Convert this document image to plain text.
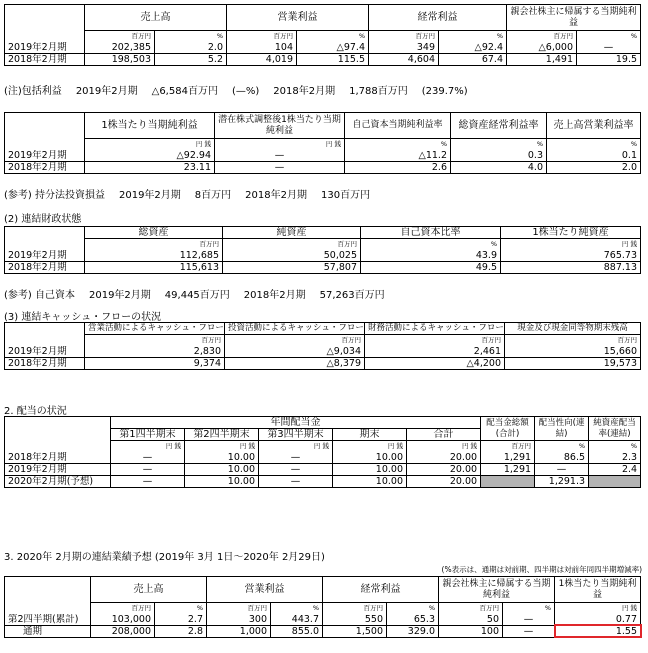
	売上高		営業利益		経常利益		親会社株主に帰属する当期純利益	
	百万円	%	百万円	%	百万円	%	百万円	%
2019年2月期	202,385	2.0	104	△97.4	349	△92.4	△6,000	—
2018年2月期	198,503	5.2	4,019	115.5	4,604	67.4	1,491	19.5
(注)包括利益 2019年2月期 △6,584百万円 (—%) 2018年2月期 1,788百万円 (239.7%)
	1株当たり当期純利益	潜在株式調整後1株当たり当期純利益	自己資本当期純利益率	総資産経常利益率	売上高営業利益率
	円 銭	円 銭	%	%	%
2019年2月期	△92.94	—	△11.2	0.3	0.1
2018年2月期	23.11	—	2.6	4.0	2.0
(参考) 持分法投資損益 2019年2月期 8百万円 2018年2月期 130百万円
(2) 連結財政状態
	総資産	純資産	自己資本比率	1株当たり純資産
	百万円	百万円	%	円 銭
2019年2月期	112,685	50,025	43.9	765.73
2018年2月期	115,613	57,807	49.5	887.13
(参考) 自己資本 2019年2月期 49,445百万円 2018年2月期 57,263百万円
(3) 連結キャッシュ・フローの状況
	営業活動によるキャッシュ・フロー	投資活動によるキャッシュ・フロー	財務活動によるキャッシュ・フロー	現金及び現金同等物期末残高
	百万円	百万円	百万円	百万円
2019年2月期	2,830	△9,034	2,461	15,660
2018年2月期	9,374	△8,379	△4,200	19,573
2. 配当の状況
	年間配当金					配当金総額(合計)	配当性向(連結)	純資産配当率(連結)
	第1四半期末	第2四半期末	第3四半期末	期末	合計			
	円 銭	円 銭	円 銭	円 銭	円 銭	百万円	%	%
2018年2月期	—	10.00	—	10.00	20.00	1,291	86.5	2.3
2019年2月期	—	10.00	—	10.00	20.00	1,291	—	2.4
2020年2月期(予想)	—	10.00	—	10.00	20.00		1,291.3	
3. 2020年 2月期の連結業績予想 (2019年 3月 1日〜2020年 2月29日)
(%表示は、通期は対前期、四半期は対前年同四半期増減率)
	売上高		営業利益		経常利益		親会社株主に帰属する当期純利益		1株当たり当期純利益
	百万円	%	百万円	%	百万円	%	百万円	%	円 銭
第2四半期(累計)	103,000	2.7	300	443.7	550	65.3	50	—	0.77
通期	208,000	2.8	1,000	855.0	1,500	329.0	100	—	1.55
